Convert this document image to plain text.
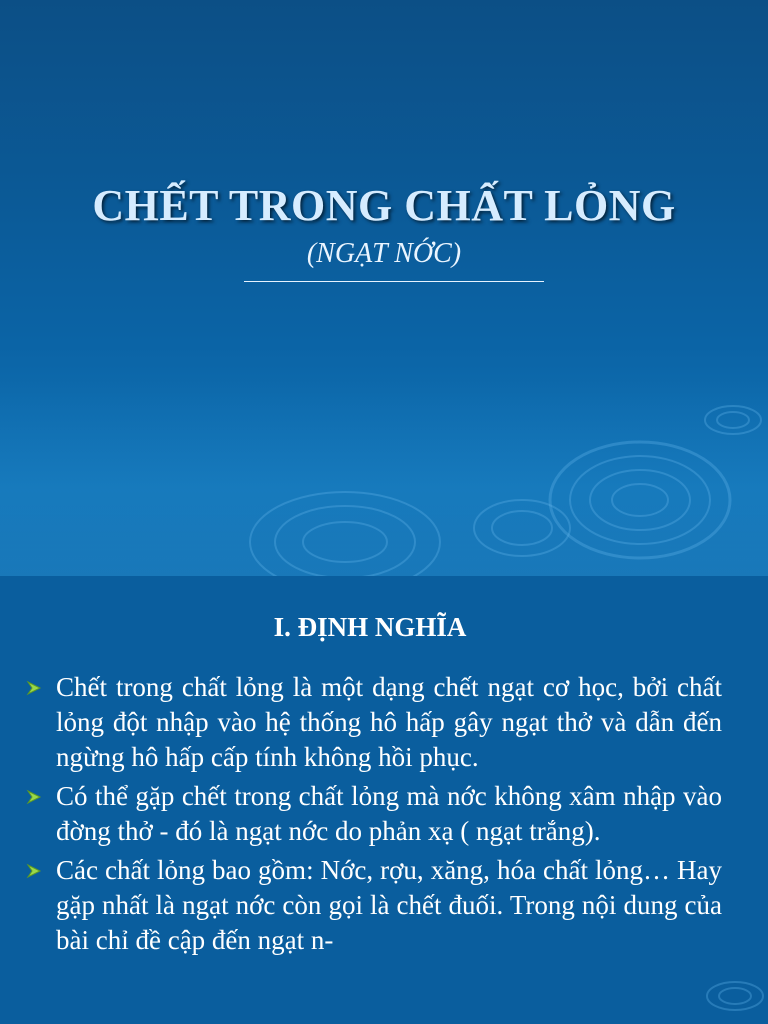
CHẾT TRONG CHẤT LỎNG

(NGẠT NỚC)

I. ĐỊNH NGHĨA
Chết trong chất lỏng là một dạng chết ngạt cơ học, bởi chất lỏng đột nhập vào hệ thống hô hấp gây ngạt thở và dẫn đến ngừng hô hấp cấp tính không hồi phục.
Có thể gặp chết trong chất lỏng mà nớc không xâm nhập vào đờng thở - đó là ngạt nớc do phản xạ ( ngạt trắng).
Các chất lỏng bao gồm: Nớc, rợu, xăng, hóa chất lỏng… Hay gặp nhất là ngạt nớc còn gọi là chết đuối. Trong nội dung của bài chỉ đề cập đến ngạt n-
